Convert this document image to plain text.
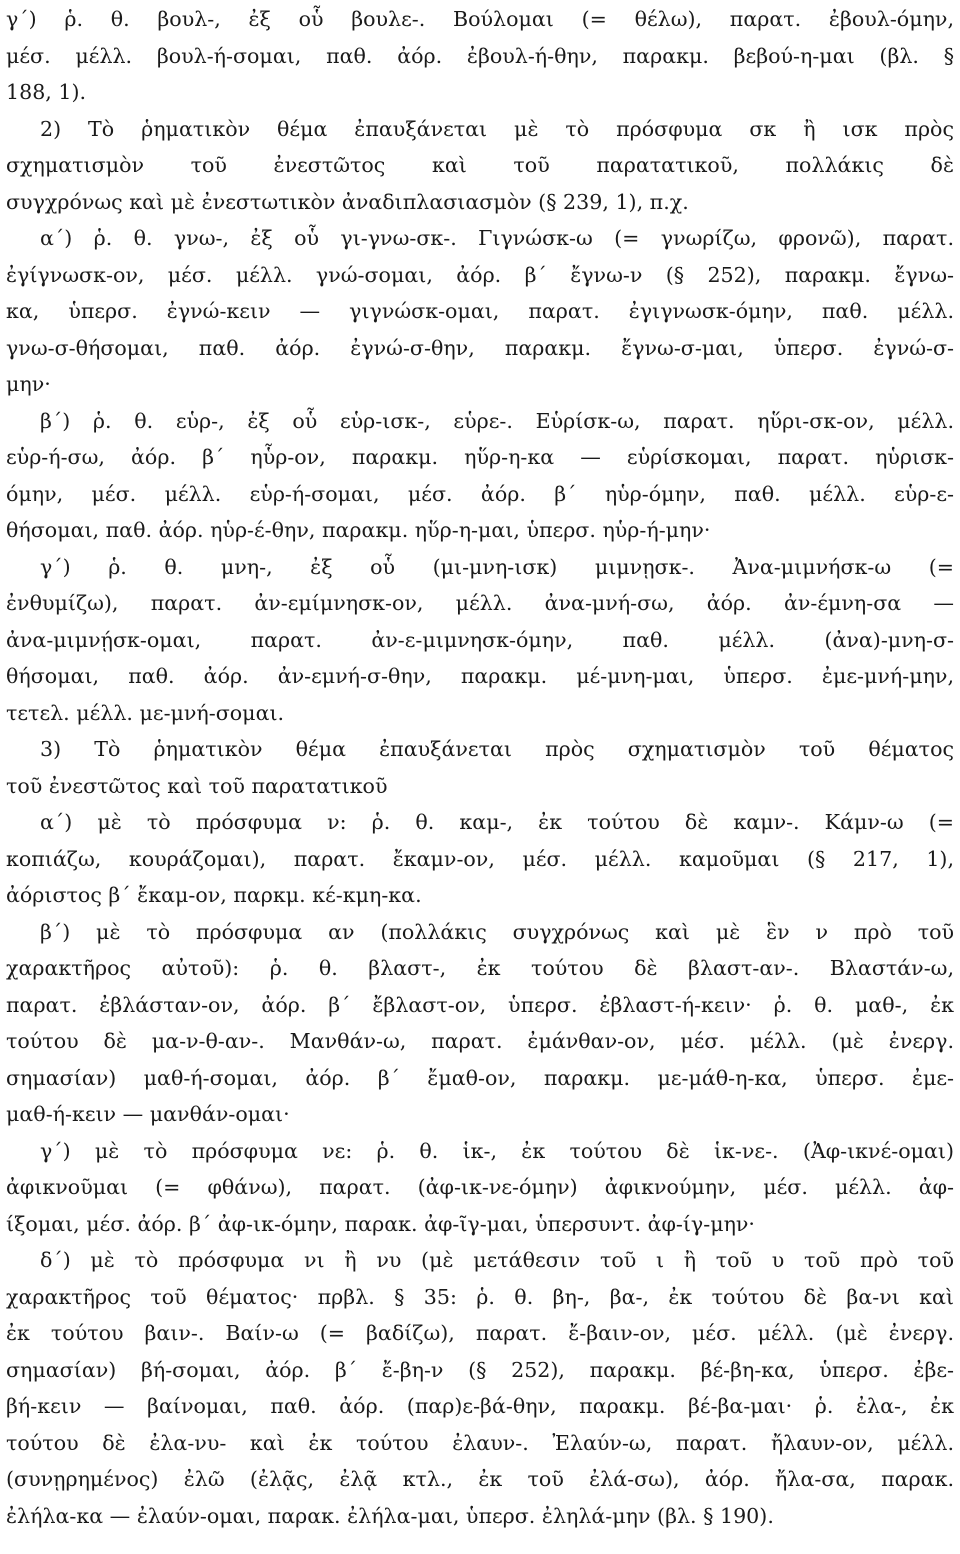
γ΄) ῥ. θ. βουλ-, ἐξ οὗ βουλε-. Βούλομαι (= θέλω), παρατ. ἐβουλ-όμην,
μέσ. μέλλ. βουλ-ή-σομαι, παθ. ἀόρ. ἐβουλ-ή-θην, παρακμ. βεβού-η-μαι (βλ. §
188, 1).
2) Τὸ ῥηματικὸν θέμα ἐπαυξάνεται μὲ τὸ πρόσφυμα σκ ἢ ισκ πρὸς
σχηματισμὸν τοῦ ἐνεστῶτος καὶ τοῦ παρατατικοῦ, πολλάκις δὲ
συγχρόνως καὶ μὲ ἐνεστωτικὸν ἀναδιπλασιασμὸν (§ 239, 1), π.χ.
α΄) ῥ. θ. γνω-, ἐξ οὗ γι-γνω-σκ-. Γιγνώσκ-ω (= γνωρίζω, φρονῶ), παρατ.
ἐγίγνωσκ-ον, μέσ. μέλλ. γνώ-σομαι, ἀόρ. β΄ ἔγνω-ν (§ 252), παρακμ. ἔγνω-
κα, ὑπερσ. ἐγνώ-κειν — γιγνώσκ-ομαι, παρατ. ἐγιγνωσκ-όμην, παθ. μέλλ.
γνω-σ-θήσομαι, παθ. ἀόρ. ἐγνώ-σ-θην, παρακμ. ἔγνω-σ-μαι, ὑπερσ. ἐγνώ-σ-
μην·
β΄) ῥ. θ. εὑρ-, ἐξ οὗ εὑρ-ισκ-, εὑρε-. Εὑρίσκ-ω, παρατ. ηὕρι-σκ-ον, μέλλ.
εὑρ-ή-σω, ἀόρ. β΄ ηὗρ-ον, παρακμ. ηὕρ-η-κα — εὑρίσκομαι, παρατ. ηὑρισκ-
όμην, μέσ. μέλλ. εὑρ-ή-σομαι, μέσ. ἀόρ. β΄ ηὑρ-όμην, παθ. μέλλ. εὑρ-ε-
θήσομαι, παθ. ἀόρ. ηὑρ-έ-θην, παρακμ. ηὕρ-η-μαι, ὑπερσ. ηὑρ-ή-μην·
γ΄) ῥ. θ. μνη-, ἐξ οὗ (μι-μνη-ισκ) μιμνῃσκ-. Ἀνα-μιμνήσκ-ω (=
ἐνθυμίζω), παρατ. ἀν-εμίμνησκ-ον, μέλλ. ἀνα-μνή-σω, ἀόρ. ἀν-έμνη-σα —
ἀνα-μιμνῄσκ-ομαι, παρατ. ἀν-ε-μιμνησκ-όμην, παθ. μέλλ. (ἀνα)-μνη-σ-
θήσομαι, παθ. ἀόρ. ἀν-εμνή-σ-θην, παρακμ. μέ-μνη-μαι, ὑπερσ. ἐμε-μνή-μην,
τετελ. μέλλ. με-μνή-σομαι.
3) Τὸ ῥηματικὸν θέμα ἐπαυξάνεται πρὸς σχηματισμὸν τοῦ θέματος
τοῦ ἐνεστῶτος καὶ τοῦ παρατατικοῦ
α΄) μὲ τὸ πρόσφυμα ν: ῥ. θ. καμ-, ἐκ τούτου δὲ καμν-. Κάμν-ω (=
κοπιάζω, κουράζομαι), παρατ. ἔκαμν-ον, μέσ. μέλλ. καμοῦμαι (§ 217, 1),
ἀόριστος β΄ ἔκαμ-ον, παρκμ. κέ-κμη-κα.
β΄) μὲ τὸ πρόσφυμα αν (πολλάκις συγχρόνως καὶ μὲ ἓν ν πρὸ τοῦ
χαρακτῆρος αὐτοῦ): ῥ. θ. βλαστ-, ἐκ τούτου δὲ βλαστ-αν-. Βλαστάν-ω,
παρατ. ἐβλάσταν-ον, ἀόρ. β΄ ἔβλαστ-ον, ὑπερσ. ἐβλαστ-ή-κειν· ῥ. θ. μαθ-, ἐκ
τούτου δὲ μα-ν-θ-αν-. Μανθάν-ω, παρατ. ἐμάνθαν-ον, μέσ. μέλλ. (μὲ ἐνεργ.
σημασίαν) μαθ-ή-σομαι, ἀόρ. β΄ ἔμαθ-ον, παρακμ. με-μάθ-η-κα, ὑπερσ. ἐμε-
μαθ-ή-κειν — μανθάν-ομαι·
γ΄) μὲ τὸ πρόσφυμα νε: ῥ. θ. ἱκ-, ἐκ τούτου δὲ ἱκ-νε-. (Ἀφ-ικνέ-ομαι)
ἀφικνοῦμαι (= φθάνω), παρατ. (ἀφ-ικ-νε-όμην) ἀφικνούμην, μέσ. μέλλ. ἀφ-
ίξομαι, μέσ. ἀόρ. β΄ ἀφ-ικ-όμην, παρακ. ἀφ-ῖγ-μαι, ὑπερσυντ. ἀφ-ίγ-μην·
δ΄) μὲ τὸ πρόσφυμα νι ἢ νυ (μὲ μετάθεσιν τοῦ ι ἢ τοῦ υ τοῦ πρὸ τοῦ
χαρακτῆρος τοῦ θέματος· πρβλ. § 35: ῥ. θ. βη-, βα-, ἐκ τούτου δὲ βα-νι καὶ
ἐκ τούτου βαιν-. Βαίν-ω (= βαδίζω), παρατ. ἔ-βαιν-ον, μέσ. μέλλ. (μὲ ἐνεργ.
σημασίαν) βή-σομαι, ἀόρ. β΄ ἔ-βη-ν (§ 252), παρακμ. βέ-βη-κα, ὑπερσ. ἐβε-
βή-κειν — βαίνομαι, παθ. ἀόρ. (παρ)ε-βά-θην, παρακμ. βέ-βα-μαι· ῥ. ἐλα-, ἐκ
τούτου δὲ ἐλα-νυ- καὶ ἐκ τούτου ἐλαυν-. Ἐλαύν-ω, παρατ. ἤλαυν-ον, μέλλ.
(συνῃρημένος) ἐλῶ (ἐλᾷς, ἐλᾷ κτλ., ἐκ τοῦ ἐλά-σω), ἀόρ. ἤλα-σα, παρακ.
ἐλήλα-κα — ἐλαύν-ομαι, παρακ. ἐλήλα-μαι, ὑπερσ. ἐληλά-μην (βλ. § 190).
